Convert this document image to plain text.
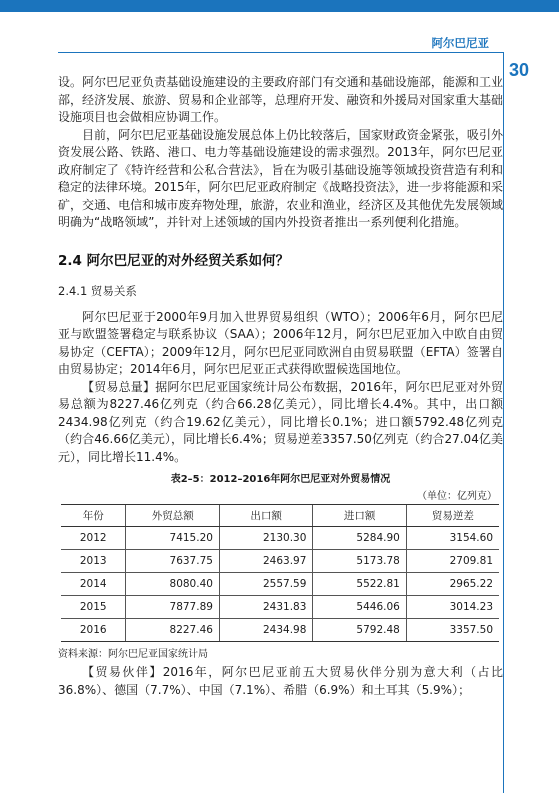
阿尔巴尼亚
30

设。阿尔巴尼亚负责基础设施建设的主要政府部门有交通和基础设施部，能源和工业部，经济发展、旅游、贸易和企业部等，总理府开发、融资和外援局对国家重大基础设施项目也会做相应协调工作。

目前，阿尔巴尼亚基础设施发展总体上仍比较落后，国家财政资金紧张，吸引外资发展公路、铁路、港口、电力等基础设施建设的需求强烈。2013年，阿尔巴尼亚政府制定了《特许经营和公私合营法》，旨在为吸引基础设施等领域投资营造有利和稳定的法律环境。2015年，阿尔巴尼亚政府制定《战略投资法》，进一步将能源和采矿，交通、电信和城市废弃物处理，旅游，农业和渔业，经济区及其他优先发展领域明确为“战略领域”，并针对上述领域的国内外投资者推出一系列便利化措施。

2.4 阿尔巴尼亚的对外经贸关系如何？
2.4.1 贸易关系

阿尔巴尼亚于2000年9月加入世界贸易组织（WTO）；2006年6月，阿尔巴尼亚与欧盟签署稳定与联系协议（SAA）；2006年12月，阿尔巴尼亚加入中欧自由贸易协定（CEFTA）；2009年12月，阿尔巴尼亚同欧洲自由贸易联盟（EFTA）签署自由贸易协定；2014年6月，阿尔巴尼亚正式获得欧盟候选国地位。

【贸易总量】据阿尔巴尼亚国家统计局公布数据，2016年，阿尔巴尼亚对外贸易总额为8227.46亿列克（约合66.28亿美元），同比增长4.4%。其中，出口额2434.98亿列克（约合19.62亿美元），同比增长0.1%；进口额5792.48亿列克（约合46.66亿美元），同比增长6.4%；贸易逆差3357.50亿列克（约合27.04亿美元），同比增长11.4%。

表2–5：2012–2016年阿尔巴尼亚对外贸易情况
（单位：亿列克）
年份	外贸总额	出口额	进口额	贸易逆差
2012	7415.20	2130.30	5284.90	3154.60
2013	7637.75	2463.97	5173.78	2709.81
2014	8080.40	2557.59	5522.81	2965.22
2015	7877.89	2431.83	5446.06	3014.23
2016	8227.46	2434.98	5792.48	3357.50
资料来源：阿尔巴尼亚国家统计局

【贸易伙伴】2016年，阿尔巴尼亚前五大贸易伙伴分别为意大利（占比36.8%）、德国（7.7%）、中国（7.1%）、希腊（6.9%）和土耳其（5.9%）；
